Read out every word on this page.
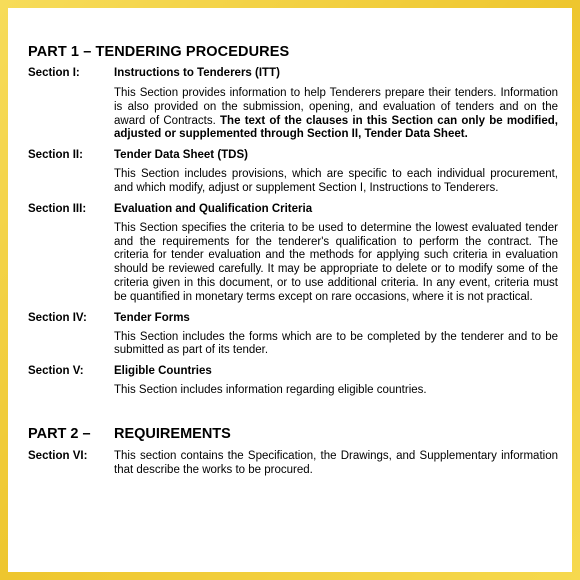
PART 1 – TENDERING PROCEDURES
Section I:	Instructions to Tenderers (ITT)
This Section provides information to help Tenderers prepare their tenders. Information is also provided on the submission, opening, and evaluation of tenders and on the award of Contracts. The text of the clauses in this Section can only be modified, adjusted or supplemented through Section II, Tender Data Sheet.
Section II:	Tender Data Sheet (TDS)
This Section includes provisions, which are specific to each individual procurement, and which modify, adjust or supplement Section I, Instructions to Tenderers.
Section III:	Evaluation and Qualification Criteria
This Section specifies the criteria to be used to determine the lowest evaluated tender and the requirements for the tenderer's qualification to perform the contract. The criteria for tender evaluation and the methods for applying such criteria in evaluation should be reviewed carefully. It may be appropriate to delete or to modify some of the criteria given in this document, or to use additional criteria. In any event, criteria must be quantified in monetary terms except on rare occasions, where it is not practical.
Section IV:	Tender Forms
This Section includes the forms which are to be completed by the tenderer and to be submitted as part of its tender.
Section V:	Eligible Countries
This Section includes information regarding eligible countries.
PART 2 –	REQUIREMENTS
Section VI:	This section contains the Specification, the Drawings, and Supplementary information that describe the works to be procured.
